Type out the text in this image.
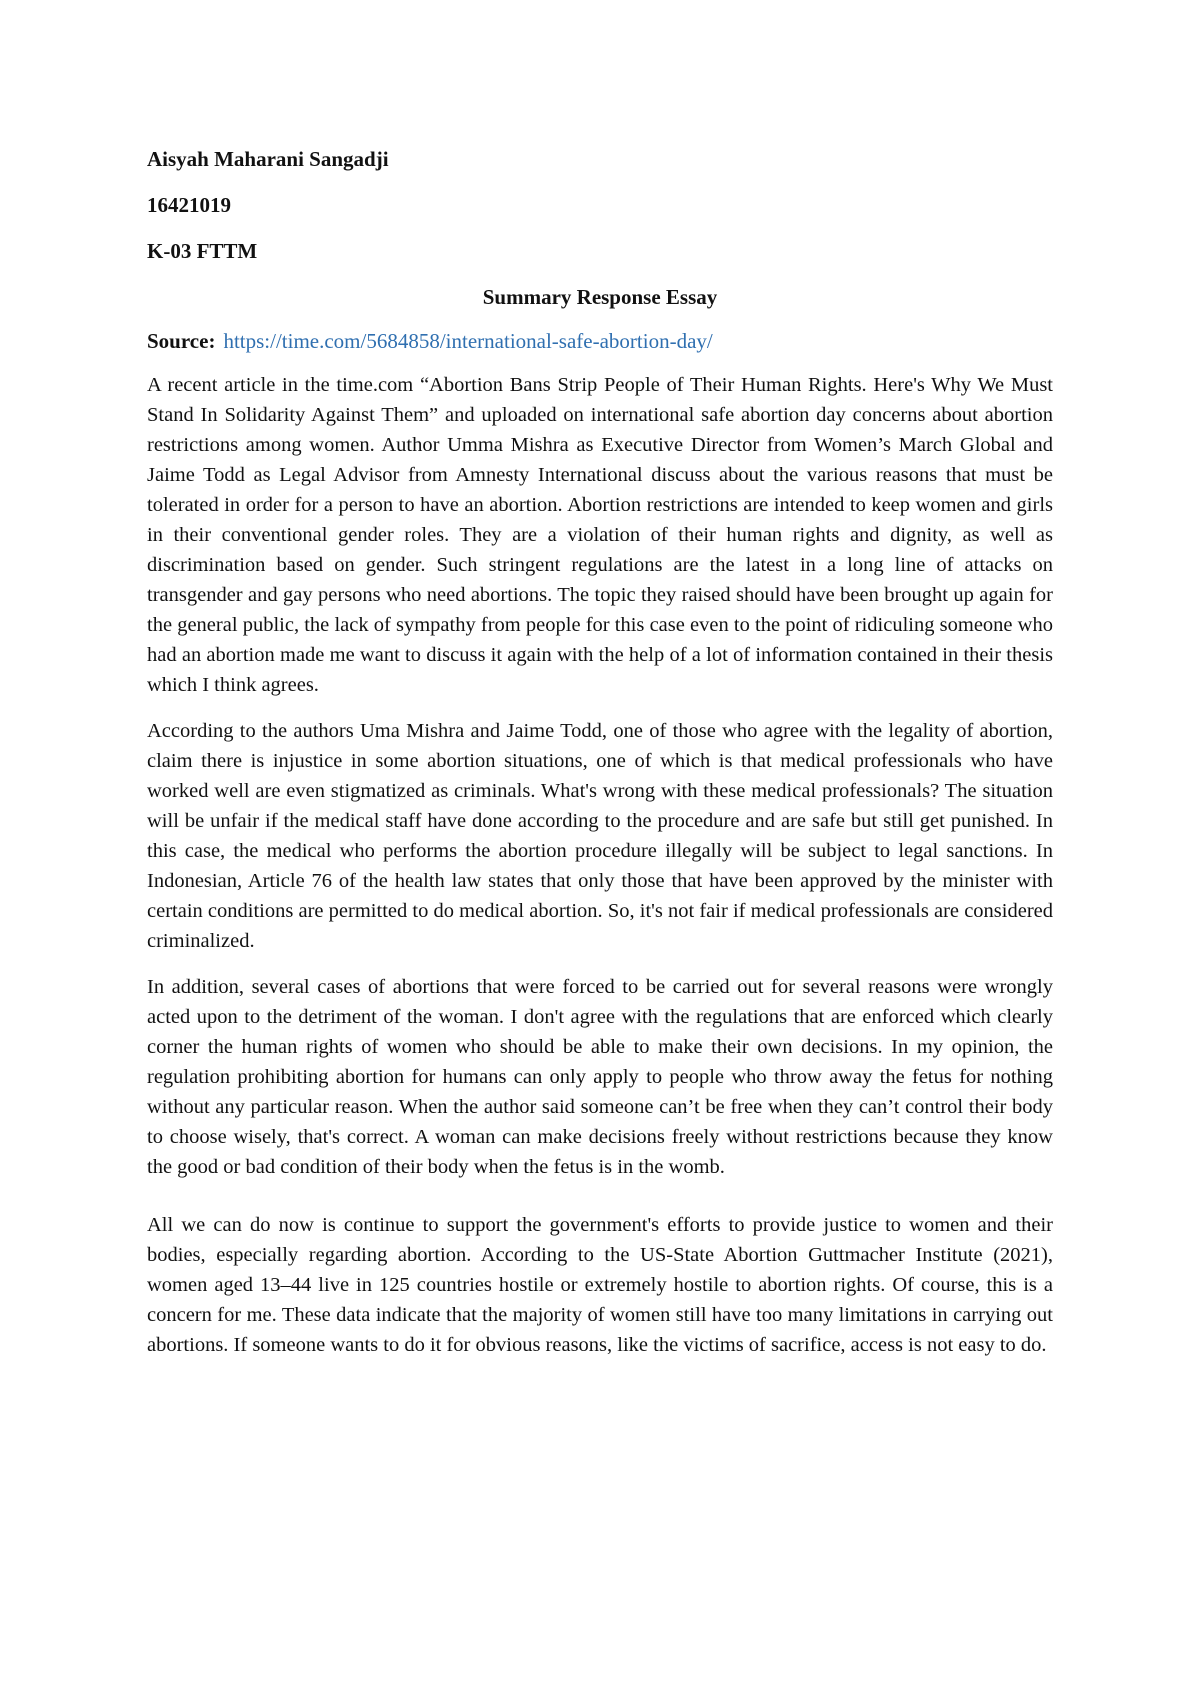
Aisyah Maharani Sangadji
16421019
K-03 FTTM
Summary Response Essay
Source: https://time.com/5684858/international-safe-abortion-day/

A recent article in the time.com “Abortion Bans Strip People of Their Human Rights. Here's Why We Must Stand In Solidarity Against Them” and uploaded on international safe abortion day concerns about abortion restrictions among women. Author Umma Mishra as Executive Director from Women’s March Global and Jaime Todd as Legal Advisor from Amnesty International discuss about the various reasons that must be tolerated in order for a person to have an abortion. Abortion restrictions are intended to keep women and girls in their conventional gender roles. They are a violation of their human rights and dignity, as well as discrimination based on gender. Such stringent regulations are the latest in a long line of attacks on transgender and gay persons who need abortions. The topic they raised should have been brought up again for the general public, the lack of sympathy from people for this case even to the point of ridiculing someone who had an abortion made me want to discuss it again with the help of a lot of information contained in their thesis which I think agrees.

According to the authors Uma Mishra and Jaime Todd, one of those who agree with the legality of abortion, claim there is injustice in some abortion situations, one of which is that medical professionals who have worked well are even stigmatized as criminals. What's wrong with these medical professionals? The situation will be unfair if the medical staff have done according to the procedure and are safe but still get punished. In this case, the medical who performs the abortion procedure illegally will be subject to legal sanctions. In Indonesian, Article 76 of the health law states that only those that have been approved by the minister with certain conditions are permitted to do medical abortion. So, it's not fair if medical professionals are considered criminalized.

In addition, several cases of abortions that were forced to be carried out for several reasons were wrongly acted upon to the detriment of the woman. I don't agree with the regulations that are enforced which clearly corner the human rights of women who should be able to make their own decisions. In my opinion, the regulation prohibiting abortion for humans can only apply to people who throw away the fetus for nothing without any particular reason. When the author said someone can’t be free when they can’t control their body to choose wisely, that's correct. A woman can make decisions freely without restrictions because they know the good or bad condition of their body when the fetus is in the womb.

All we can do now is continue to support the government's efforts to provide justice to women and their bodies, especially regarding abortion. According to the US-State Abortion Guttmacher Institute (2021), women aged 13–44 live in 125 countries hostile or extremely hostile to abortion rights. Of course, this is a concern for me. These data indicate that the majority of women still have too many limitations in carrying out abortions. If someone wants to do it for obvious reasons, like the victims of sacrifice, access is not easy to do.
